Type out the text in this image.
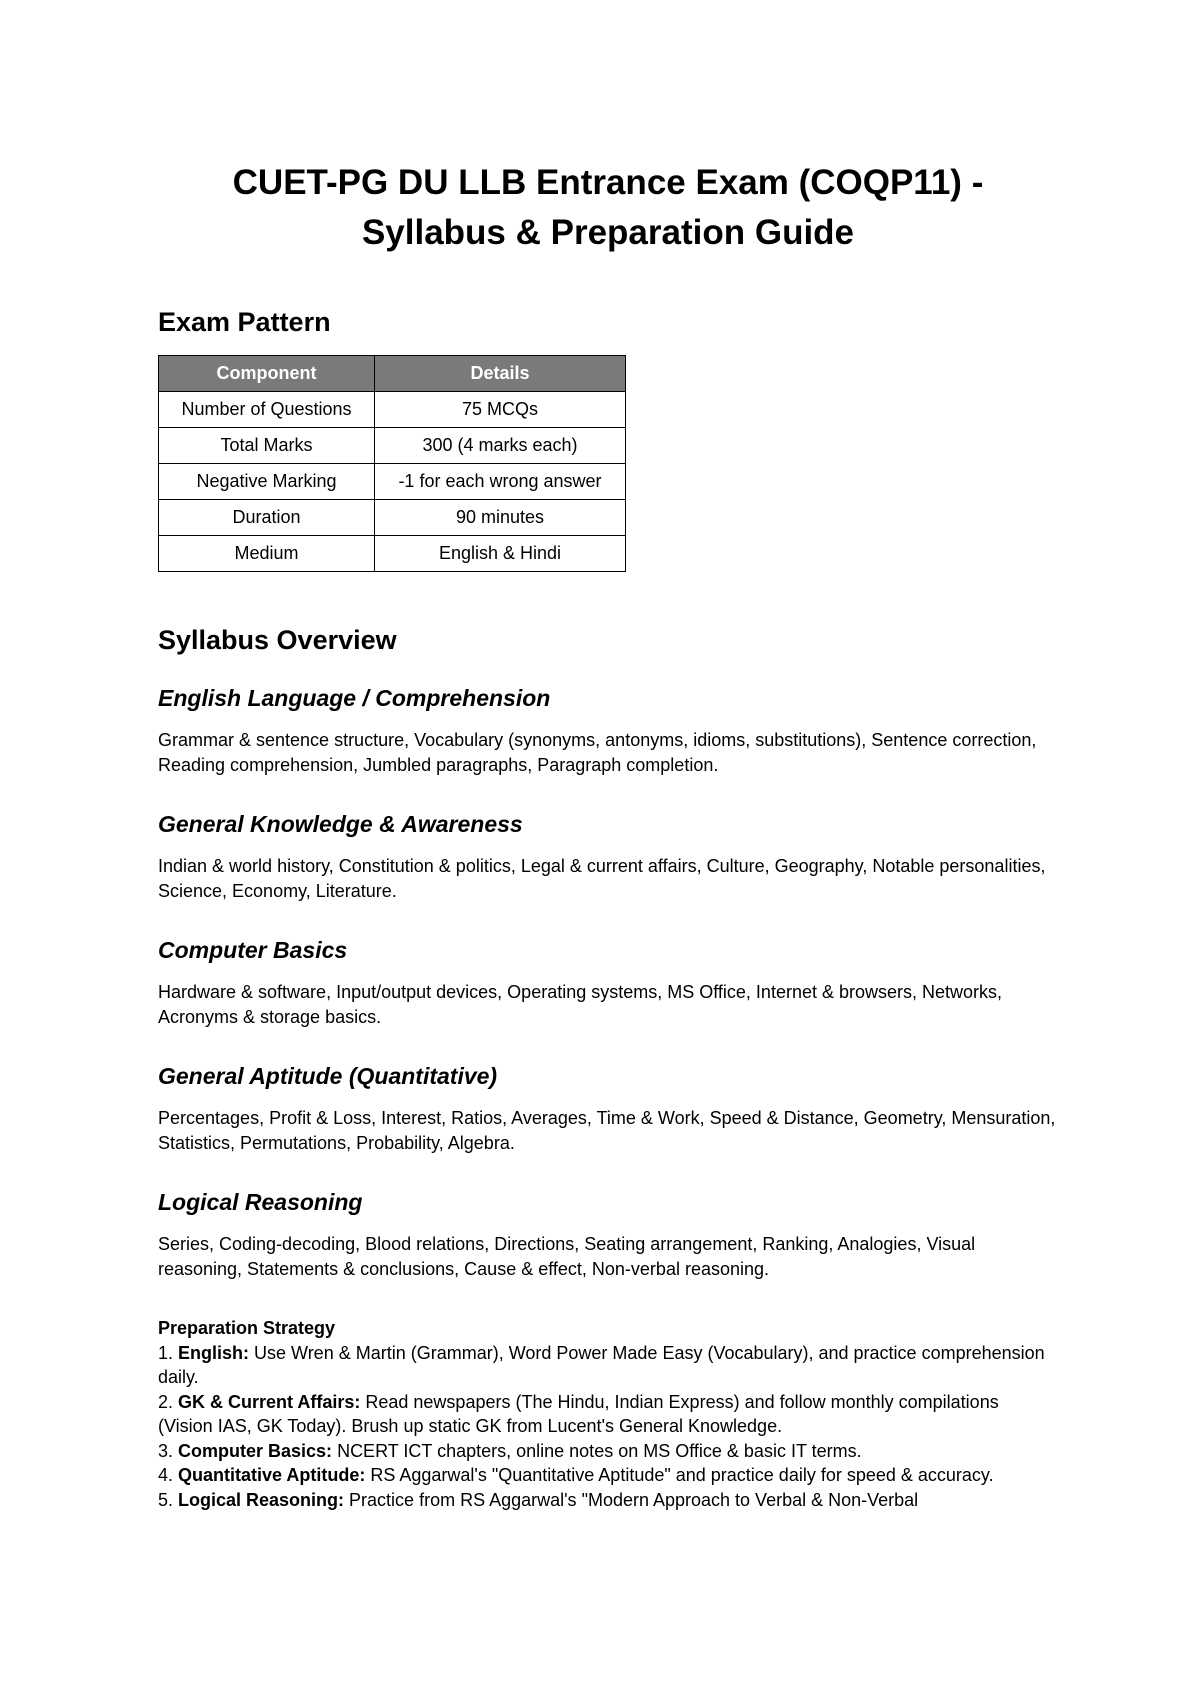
CUET-PG DU LLB Entrance Exam (COQP11) -
Syllabus & Preparation Guide
Exam Pattern
Component	Details
Number of Questions	75 MCQs
Total Marks	300 (4 marks each)
Negative Marking	-1 for each wrong answer
Duration	90 minutes
Medium	English & Hindi
Syllabus Overview
English Language / Comprehension

Grammar & sentence structure, Vocabulary (synonyms, antonyms, idioms, substitutions), Sentence correction, Reading comprehension, Jumbled paragraphs, Paragraph completion.

General Knowledge & Awareness

Indian & world history, Constitution & politics, Legal & current affairs, Culture, Geography, Notable personalities, Science, Economy, Literature.

Computer Basics

Hardware & software, Input/output devices, Operating systems, MS Office, Internet & browsers, Networks, Acronyms & storage basics.

General Aptitude (Quantitative)

Percentages, Profit & Loss, Interest, Ratios, Averages, Time & Work, Speed & Distance, Geometry, Mensuration, Statistics, Permutations, Probability, Algebra.

Logical Reasoning

Series, Coding-decoding, Blood relations, Directions, Seating arrangement, Ranking, Analogies, Visual reasoning, Statements & conclusions, Cause & effect, Non-verbal reasoning.

Preparation Strategy
1. English: Use Wren & Martin (Grammar), Word Power Made Easy (Vocabulary), and practice comprehension daily.
2. GK & Current Affairs: Read newspapers (The Hindu, Indian Express) and follow monthly compilations (Vision IAS, GK Today). Brush up static GK from Lucent's General Knowledge.
3. Computer Basics: NCERT ICT chapters, online notes on MS Office & basic IT terms.
4. Quantitative Aptitude: RS Aggarwal's "Quantitative Aptitude" and practice daily for speed & accuracy.
5. Logical Reasoning: Practice from RS Aggarwal's "Modern Approach to Verbal & Non-Verbal
